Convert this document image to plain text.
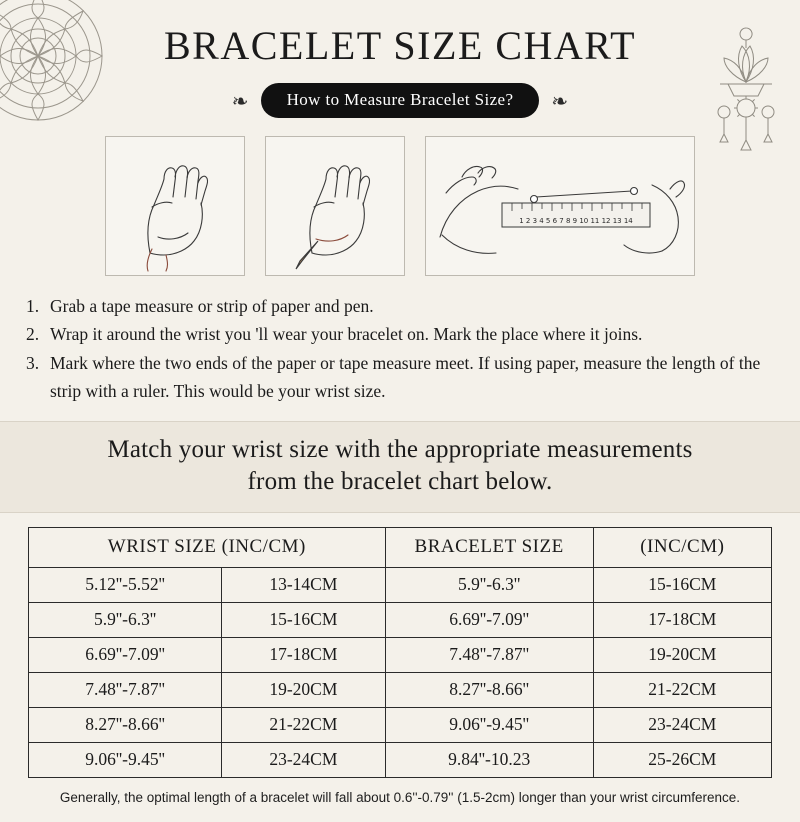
BRACELET SIZE CHART
❧	How to Measure Bracelet Size?	❧
1 2 3 4 5 6 7 8 9 10 11 12 13 14
1. Grab a tape measure or strip of paper and pen.
2. Wrap it around the wrist you 'll wear your bracelet on. Mark the place where it joins.
3. Mark where the two ends of the paper or tape measure meet. If using paper, measure the length of the strip with a ruler. This would be your wrist size.
Match your wrist size with the appropriate measurements
from the bracelet chart below.
WRIST SIZE (INC/CM)		BRACELET SIZE	(INC/CM)
5.12''-5.52''	13-14CM	5.9''-6.3''	15-16CM
5.9''-6.3''	15-16CM	6.69''-7.09''	17-18CM
6.69''-7.09''	17-18CM	7.48''-7.87''	19-20CM
7.48''-7.87''	19-20CM	8.27''-8.66''	21-22CM
8.27''-8.66''	21-22CM	9.06''-9.45''	23-24CM
9.06''-9.45''	23-24CM	9.84''-10.23	25-26CM
Generally, the optimal length of a bracelet will fall about 0.6''-0.79'' (1.5-2cm) longer than your wrist circumference.
